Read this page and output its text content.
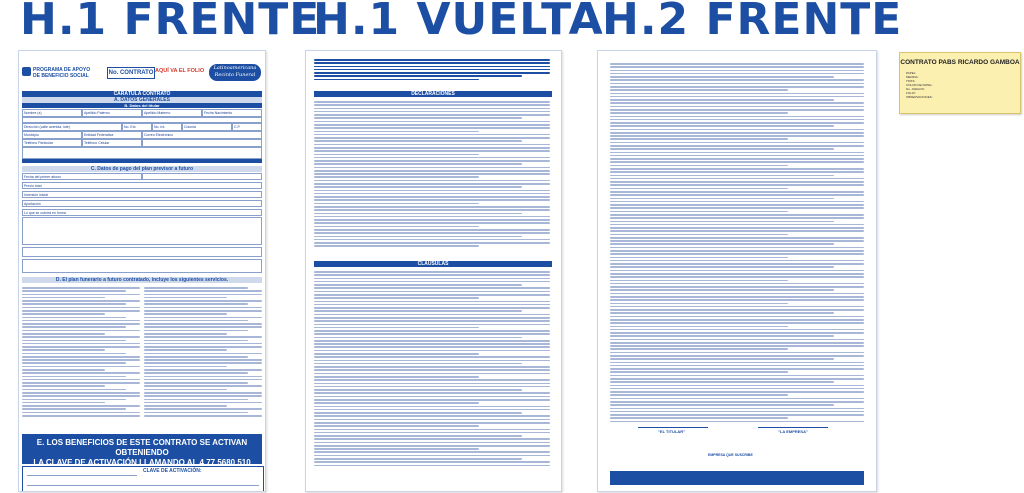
H.1 FRENTE
H.1 VUELTA
H.2 FRENTE
PROGRAMA DE APOYO DE BENEFICIO SOCIAL	No. CONTRATO AQUÍ VA EL FOLIO	Latinoamericana Recinto Funeral
CARÁTULA CONTRATO
A. DATOS GENERALES
B. Datos del titular
Nombre (s)	Apellido Paterno	Apellido Materno	Fecha Nacimiento
Dirección (calle avenida, lote)	No. Ext.	No. Int.	Colonia	C.P.
Municipio	Entidad Federativa	Correo Electrónico
Teléfono Particular	Teléfono Celular
C. Datos de pago del plan previsor a futuro
Fecha del primer abono
Precio total
Inversión inicial
Aportación
Lo que se cubrirá en forma
D. El plan funerario a futuro contratado, incluye los siguientes servicios.
E. LOS BENEFICIOS DE ESTE CONTRATO SE ACTIVAN OBTENIENDO
LA CLAVE DE ACTIVACIÓN LLAMANDO AL 4 77 5680 510
CLAVE DE ACTIVACIÓN:
DECLARACIONES
CLÁUSULAS
"EL TITULAR"	"LA EMPRESA"
EMPRESA QUE SUSCRIBE
CONTRATO PABS RICARDO GAMBOA
PAPEL:
MEDIDA:
TINTA:
COLOR DE PAPEL:
No. JUEGOS:
FOLIO:
OBSERVACIONES:
